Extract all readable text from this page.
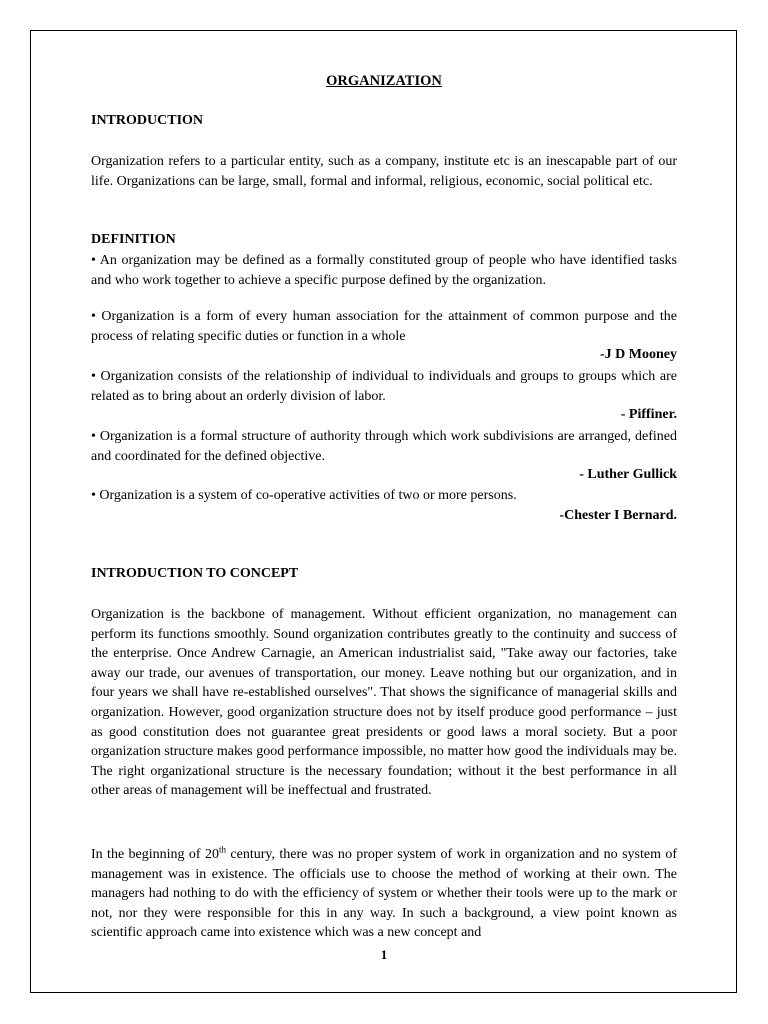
ORGANIZATION
INTRODUCTION

Organization refers to a particular entity, such as a company, institute etc is an inescapable part of our life. Organizations can be large, small, formal and informal, religious, economic, social political etc.

DEFINITION

• An organization may be defined as a formally constituted group of people who have identified tasks and who work together to achieve a specific purpose defined by the organization.

• Organization is a form of every human association for the attainment of common purpose and the process of relating specific duties or function in a whole

-J D Mooney

• Organization consists of the relationship of individual to individuals and groups to groups which are related as to bring about an orderly division of labor.

- Piffiner.

• Organization is a formal structure of authority through which work subdivisions are arranged, defined and coordinated for the defined objective.

- Luther Gullick

• Organization is a system of co-operative activities of two or more persons.

-Chester I Bernard.
INTRODUCTION TO CONCEPT

Organization is the backbone of management. Without efficient organization, no management can perform its functions smoothly. Sound organization contributes greatly to the continuity and success of the enterprise. Once Andrew Carnagie, an American industrialist said, "Take away our factories, take away our trade, our avenues of transportation, our money. Leave nothing but our organization, and in four years we shall have re-established ourselves". That shows the significance of managerial skills and organization. However, good organization structure does not by itself produce good performance – just as good constitution does not guarantee great presidents or good laws a moral society. But a poor organization structure makes good performance impossible, no matter how good the individuals may be. The right organizational structure is the necessary foundation; without it the best performance in all other areas of management will be ineffectual and frustrated.

In the beginning of 20th century, there was no proper system of work in organization and no system of management was in existence. The officials use to choose the method of working at their own. The managers had nothing to do with the efficiency of system or whether their tools were up to the mark or not, nor they were responsible for this in any way. In such a background, a view point known as scientific approach came into existence which was a new concept and

1
